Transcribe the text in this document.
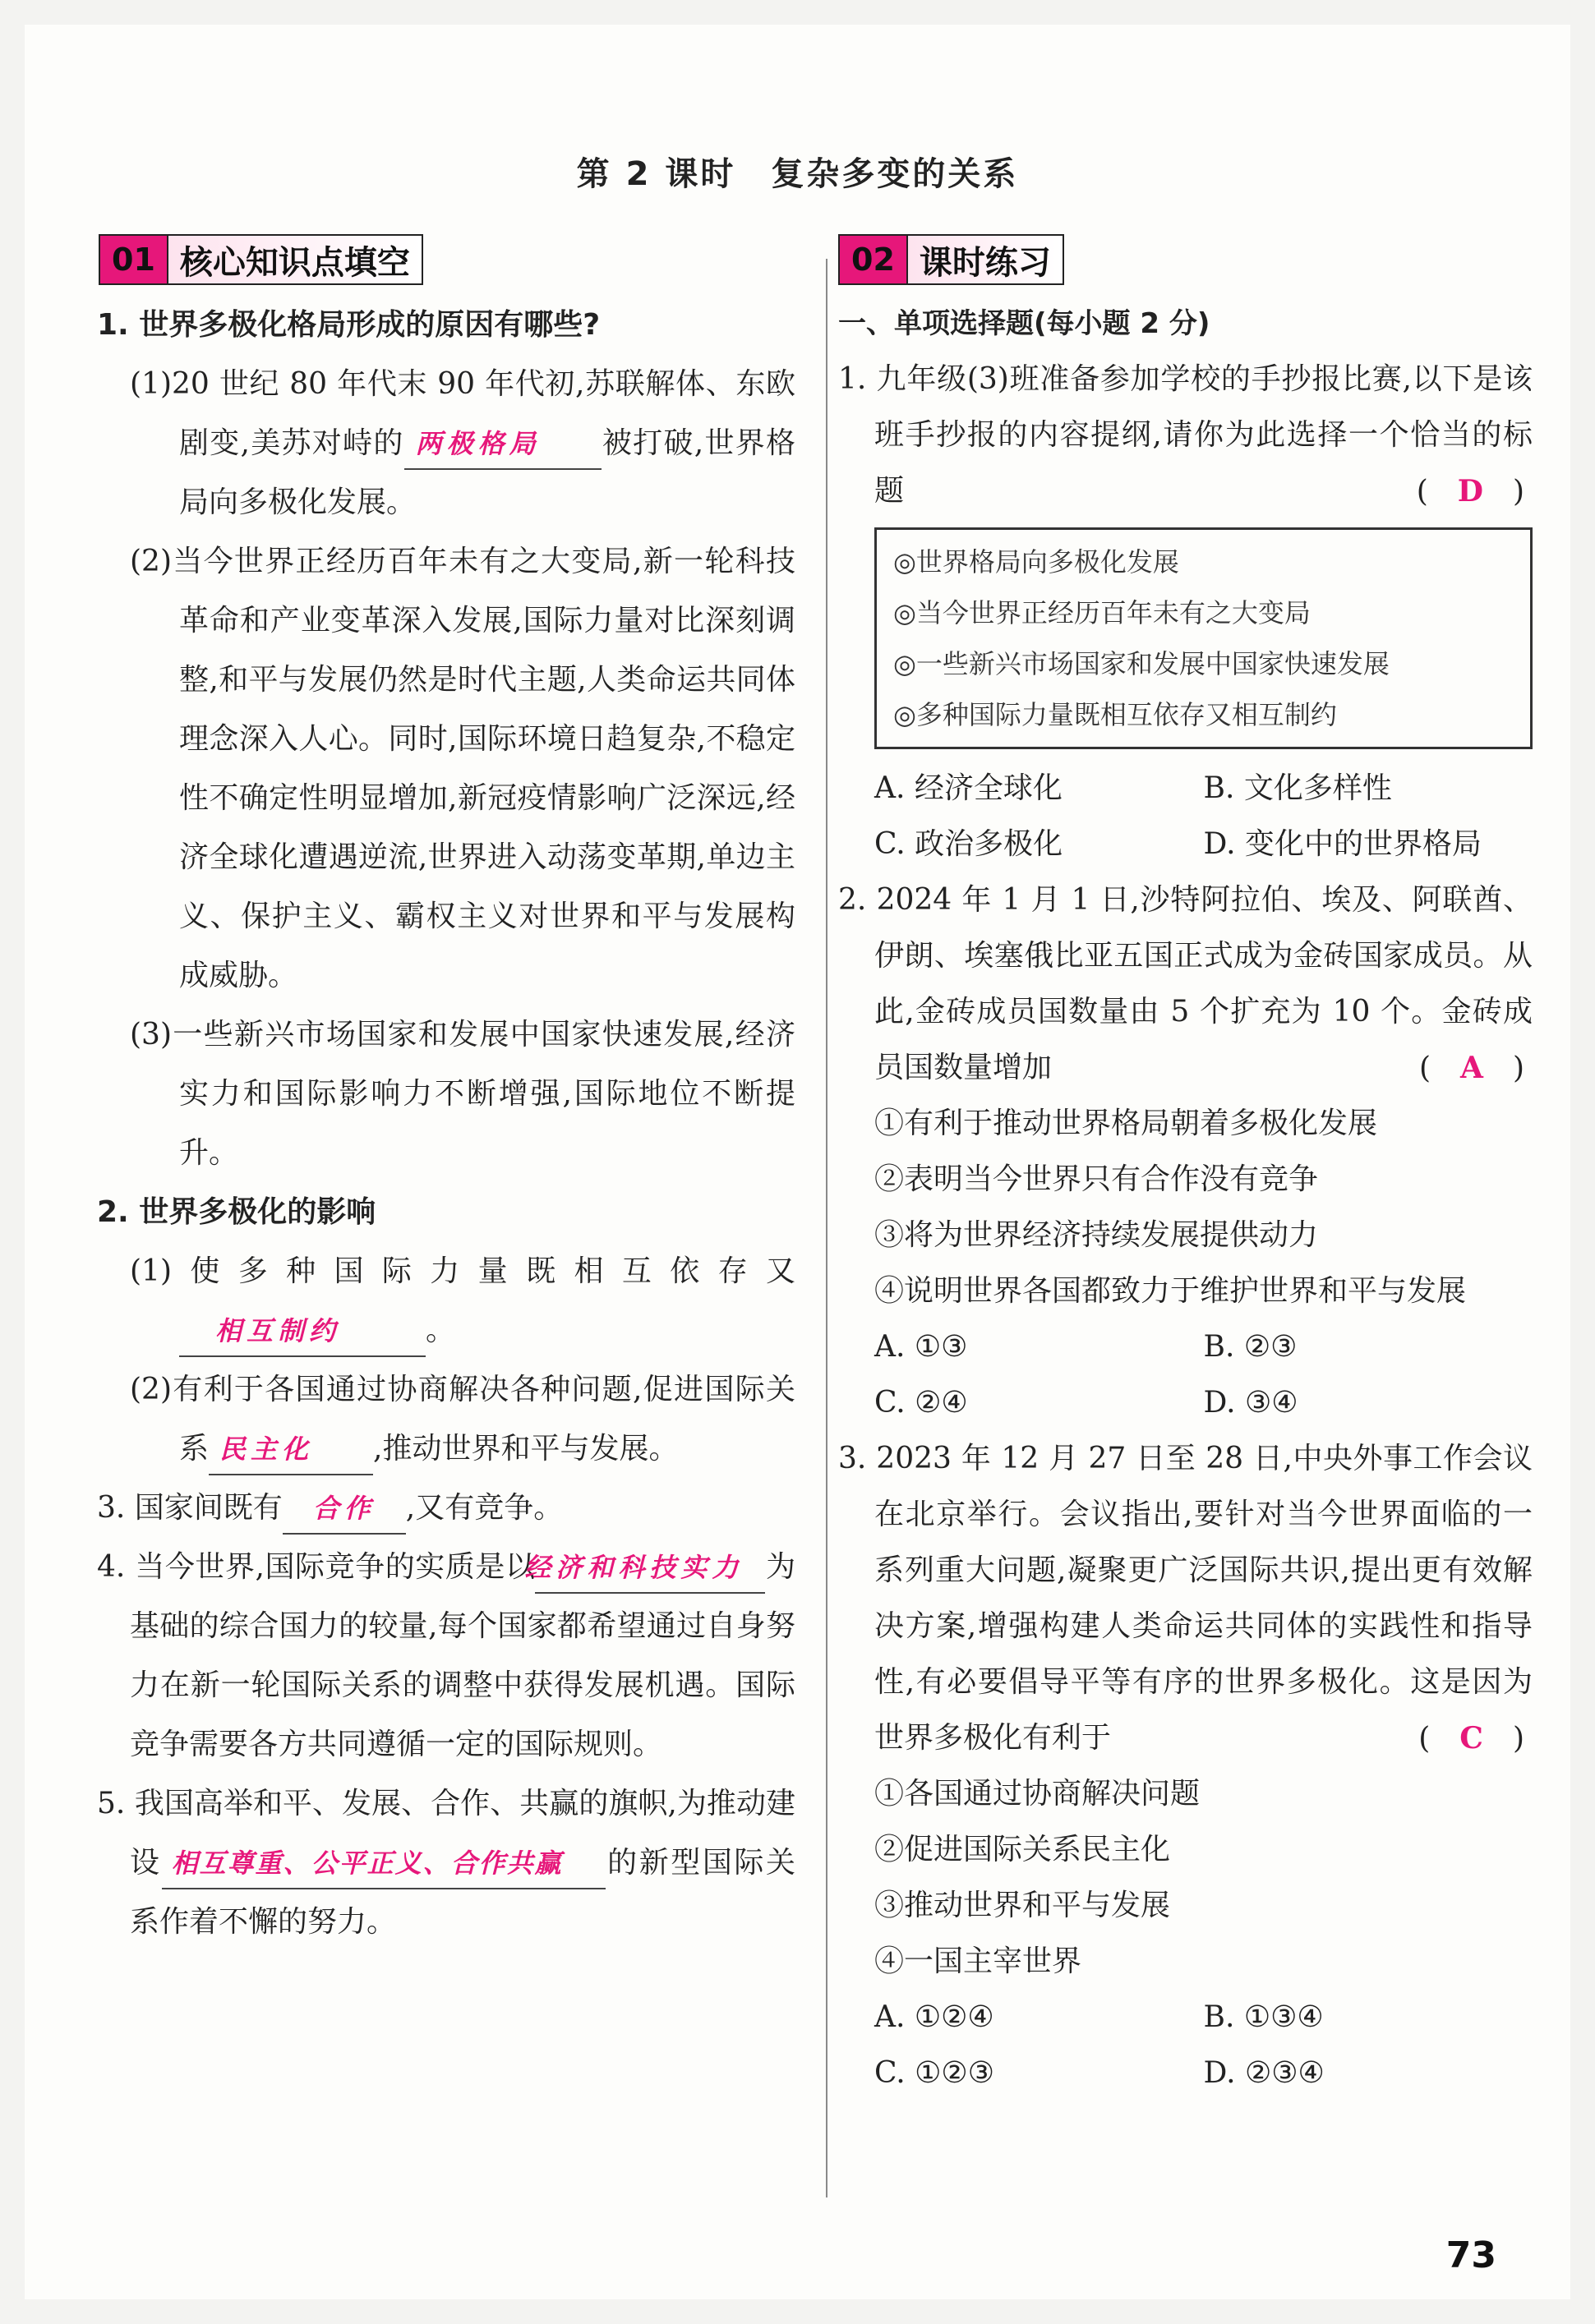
第 2 课时　复杂多变的关系
01 核心知识点填空
1. 世界多极化格局形成的原因有哪些?

(1)20 世纪 80 年代末 90 年代初,苏联解体、东欧剧变,美苏对峙的 两极格局 被打破,世界格局向多极化发展。

(2)当今世界正经历百年未有之大变局,新一轮科技革命和产业变革深入发展,国际力量对比深刻调整,和平与发展仍然是时代主题,人类命运共同体理念深入人心。同时,国际环境日趋复杂,不稳定性不确定性明显增加,新冠疫情影响广泛深远,经济全球化遭遇逆流,世界进入动荡变革期,单边主义、保护主义、霸权主义对世界和平与发展构成威胁。

(3)一些新兴市场国家和发展中国家快速发展,经济实力和国际影响力不断增强,国际地位不断提升。

2. 世界多极化的影响

(1)使多种国际力量既相互依存又相互制约	。

(2)有利于各国通过协商解决各种问题,促进国际关系 民主化 ,推动世界和平与发展。

3. 国家间既有 合作 ,又有竞争。

4. 当今世界,国际竞争的实质是以经济和科技实力 为基础的综合国力的较量,每个国家都希望通过自身努力在新一轮国际关系的调整中获得发展机遇。国际竞争需要各方共同遵循一定的国际规则。

5. 我国高举和平、发展、合作、共赢的旗帜,为推动建设 相互尊重、公平正义、合作共赢 的新型国际关系作着不懈的努力。

02 课时练习
一、单项选择题(每小题 2 分)

1. 九年级(3)班准备参加学校的手抄报比赛,以下是该班手抄报的内容提纲,请你为此选择一个恰当的标题	(　D　)

◎世界格局向多极化发展
◎当今世界正经历百年未有之大变局
◎一些新兴市场国家和发展中国家快速发展
◎多种国际力量既相互依存又相互制约
A. 经济全球化	B. 文化多样性
C. 政治多极化	D. 变化中的世界格局

2. 2024 年 1 月 1 日,沙特阿拉伯、埃及、阿联酋、伊朗、埃塞俄比亚五国正式成为金砖国家成员。从此,金砖成员国数量由 5 个扩充为 10 个。金砖成员国数量增加	(　A　)

①有利于推动世界格局朝着多极化发展
②表明当今世界只有合作没有竞争
③将为世界经济持续发展提供动力
④说明世界各国都致力于维护世界和平与发展
A. ①③	B. ②③
C. ②④	D. ③④

3. 2023 年 12 月 27 日至 28 日,中央外事工作会议在北京举行。会议指出,要针对当今世界面临的一系列重大问题,凝聚更广泛国际共识,提出更有效解决方案,增强构建人类命运共同体的实践性和指导性,有必要倡导平等有序的世界多极化。这是因为世界多极化有利于	(　C　)

①各国通过协商解决问题
②促进国际关系民主化
③推动世界和平与发展
④一国主宰世界
A. ①②④	B. ①③④
C. ①②③	D. ②③④
73
